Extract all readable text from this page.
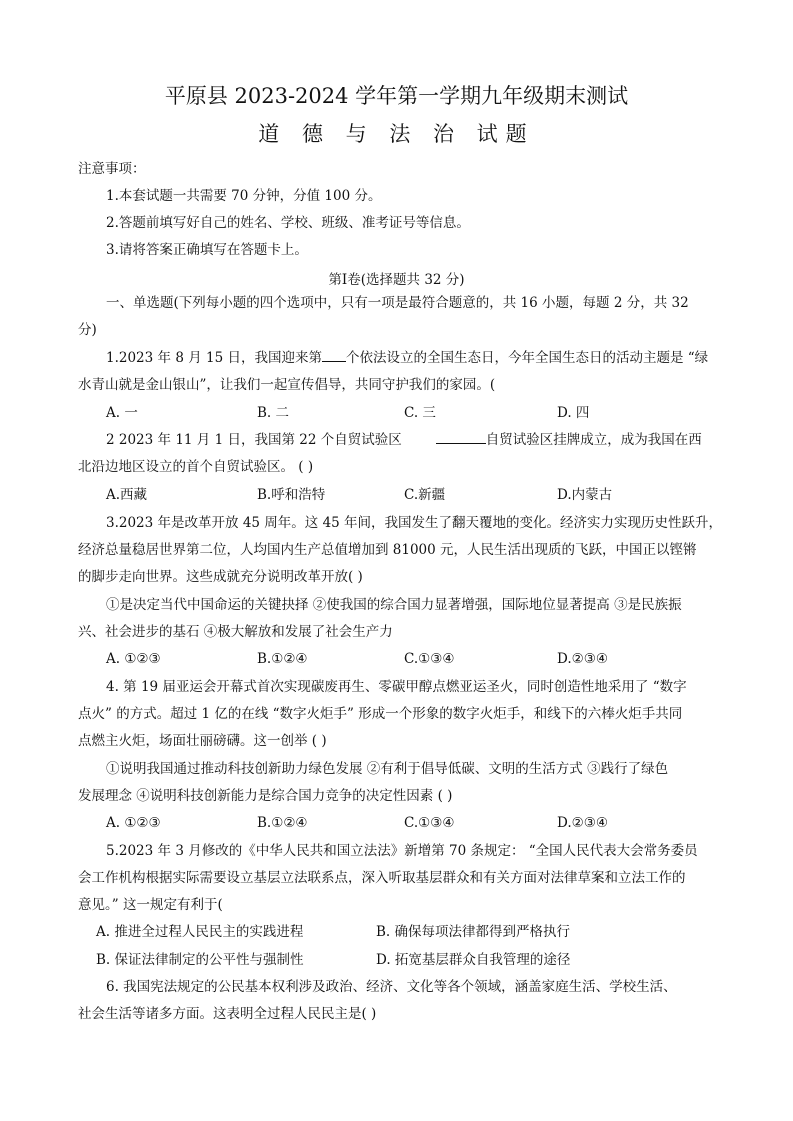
平原县 2023-2024 学年第一学期九年级期末测试
道 德 与 法 治 试题
注意事项：
1.本套试题一共需要 70 分钟，分值 100 分。
2.答题前填写好自己的姓名、学校、班级、准考证号等信息。
3.请将答案正确填写在答题卡上。
第Ⅰ卷(选择题共 32 分)
一、单选题(下列每小题的四个选项中，只有一项是最符合题意的，共 16 小题，每题 2 分，共 32
分)
1.2023 年 8 月 15 日，我国迎来第 个依法设立的全国生态日，今年全国生态日的活动主题是 “绿
水青山就是金山银山”，让我们一起宣传倡导，共同守护我们的家园。(
A. 一	B. 二	C. 三	D. 四
2 2023 年 11 月 1 日，我国第 22 个自贸试验区	自贸试验区挂牌成立，成为我国在西
北沿边地区设立的首个自贸试验区。 ( )
A.西藏	B.呼和浩特	C.新疆	D.内蒙古
3.2023 年是改革开放 45 周年。这 45 年间，我国发生了翻天覆地的变化。经济实力实现历史性跃升，
经济总量稳居世界第二位，人均国内生产总值增加到 81000 元，人民生活出现质的飞跃，中国正以铿锵
的脚步走向世界。这些成就充分说明改革开放( )
①是决定当代中国命运的关键抉择 ②使我国的综合国力显著增强，国际地位显著提高 ③是民族振
兴、社会进步的基石 ④极大解放和发展了社会生产力
A. ①②③	B.①②④	C.①③④	D.②③④
4. 第 19 届亚运会开幕式首次实现碳废再生、零碳甲醇点燃亚运圣火，同时创造性地采用了 “数字
点火” 的方式。超过 1 亿的在线 “数字火炬手” 形成一个形象的数字火炬手，和线下的六棒火炬手共同
点燃主火炬，场面壮丽磅礴。这一创举 ( )
①说明我国通过推动科技创新助力绿色发展 ②有利于倡导低碳、文明的生活方式 ③践行了绿色
发展理念 ④说明科技创新能力是综合国力竞争的决定性因素 ( )
A. ①②③	B.①②④	C.①③④	D.②③④
5.2023 年 3 月修改的《中华人民共和国立法法》新增第 70 条规定： “全国人民代表大会常务委员
会工作机构根据实际需要设立基层立法联系点，深入听取基层群众和有关方面对法律草案和立法工作的
意见。” 这一规定有利于(
A. 推进全过程人民民主的实践进程	B. 确保每项法律都得到严格执行
B. 保证法律制定的公平性与强制性	D. 拓宽基层群众自我管理的途径
6. 我国宪法规定的公民基本权利涉及政治、经济、文化等各个领域，涵盖家庭生活、学校生活、
社会生活等诸多方面。这表明全过程人民民主是( )
